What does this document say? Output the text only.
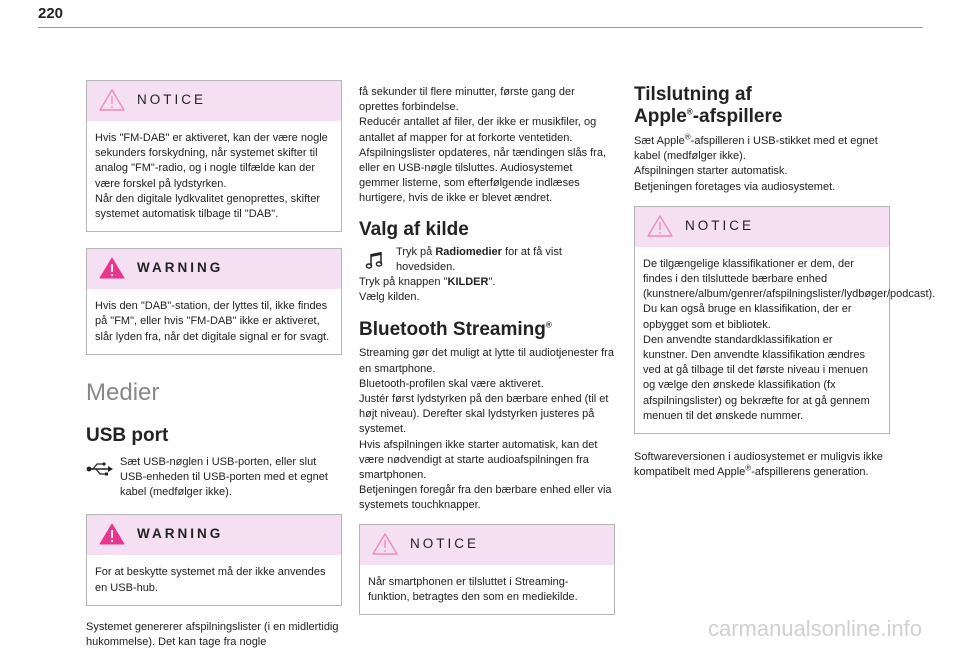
220
NOTICE
Hvis "FM-DAB" er aktiveret, kan der være nogle sekunders forskydning, når systemet skifter til analog "FM"-radio, og i nogle tilfælde kan der være forskel på lydstyrken.
Når den digitale lydkvalitet genoprettes, skifter systemet automatisk tilbage til "DAB".
WARNING
Hvis den "DAB"-station, der lyttes til, ikke findes på "FM", eller hvis "FM-DAB" ikke er aktiveret, slår lyden fra, når det digitale signal er for svagt.
Medier
USB port

Sæt USB-nøglen i USB-porten, eller slut USB-enheden til USB-porten med et egnet kabel (medfølger ikke).

WARNING
For at beskytte systemet må der ikke anvendes en USB-hub.

Systemet genererer afspilningslister (i en midlertidig hukommelse). Det kan tage fra nogle

få sekunder til flere minutter, første gang der oprettes forbindelse.
Reducér antallet af filer, der ikke er musikfiler, og antallet af mapper for at forkorte ventetiden.
Afspilningslister opdateres, når tændingen slås fra, eller en USB-nøgle tilsluttes. Audiosystemet gemmer listerne, som efterfølgende indlæses hurtigere, hvis de ikke er blevet ændret.

Valg af kilde

Tryk på Radiomedier for at få vist hovedsiden.

Tryk på knappen "KILDER".

Vælg kilden.

Bluetooth Streaming®

Streaming gør det muligt at lytte til audiotjenester fra en smartphone.
Bluetooth-profilen skal være aktiveret.
Justér først lydstyrken på den bærbare enhed (til et højt niveau). Derefter skal lydstyrken justeres på systemet.
Hvis afspilningen ikke starter automatisk, kan det være nødvendigt at starte audioafspilningen fra smartphonen.
Betjeningen foregår fra den bærbare enhed eller via systemets touchknapper.

NOTICE
Når smartphonen er tilsluttet i Streaming-funktion, betragtes den som en mediekilde.
Tilslutning af
Apple®-afspillere

Sæt Apple®-afspilleren i USB-stikket med et egnet kabel (medfølger ikke).
Afspilningen starter automatisk.
Betjeningen foretages via audiosystemet.

NOTICE
De tilgængelige klassifikationer er dem, der findes i den tilsluttede bærbare enhed (kunstnere/album/genrer/afspilningslister/lydbøger/podcast). Du kan også bruge en klassifikation, der er opbygget som et bibliotek.
Den anvendte standardklassifikation er kunstner. Den anvendte klassifikation ændres ved at gå tilbage til det første niveau i menuen og vælge den ønskede klassifikation (fx afspilningslister) og bekræfte for at gå gennem menuen til det ønskede nummer.

Softwareversionen i audiosystemet er muligvis ikke kompatibelt med Apple®-afspillerens generation.

carmanualsonline.info
